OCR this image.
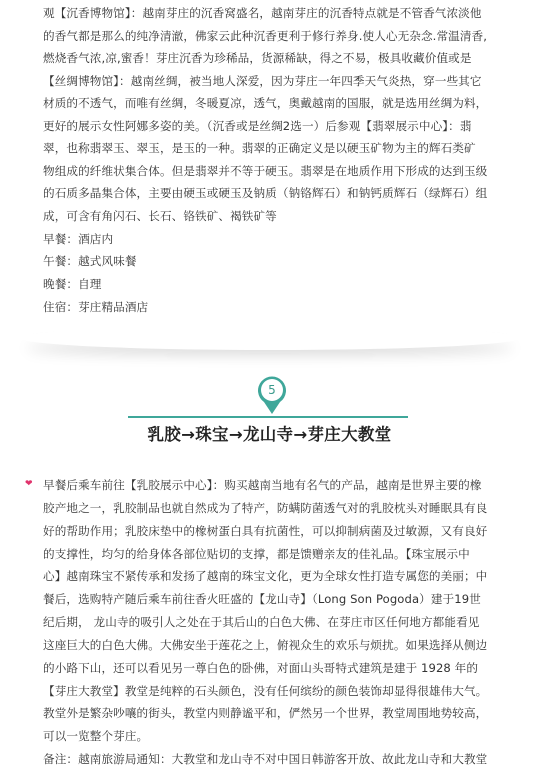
观【沉香博物馆】：越南芽庄的沉香窝盛名，越南芽庄的沉香特点就是不管香气浓淡他

的香气都是那么的纯净清澈，佛家云此种沉香更利于修行养身.使人心无杂念.常温清香,

燃烧香气浓,凉,蜜香！芽庄沉香为珍稀品，货源稀缺，得之不易，极具收藏价值或是

【丝绸博物馆】：越南丝绸，被当地人深爱，因为芽庄一年四季天气炎热，穿一些其它

材质的不透气，而唯有丝绸，冬暖夏凉，透气，奥戴越南的国服，就是选用丝绸为料，

更好的展示女性阿娜多姿的美。（沉香或是丝绸2选一）后参观【翡翠展示中心】：翡

翠，也称翡翠玉、翠玉，是玉的一种。翡翠的正确定义是以硬玉矿物为主的辉石类矿

物组成的纤维状集合体。但是翡翠并不等于硬玉。翡翠是在地质作用下形成的达到玉级

的石质多晶集合体，主要由硬玉或硬玉及钠质（钠铬辉石）和钠钙质辉石（绿辉石）组

成，可含有角闪石、长石、铬铁矿、褐铁矿等

早餐：酒店内

午餐：越式风味餐

晚餐：自理

住宿：芽庄精品酒店

5
乳胶→珠宝→龙山寺→芽庄大教堂
❤ 早餐后乘车前往【乳胶展示中心】：购买越南当地有名气的产品，越南是世界主要的橡

胶产地之一，乳胶制品也就自然成为了特产，防螨防菌透气对的乳胶枕头对睡眠具有良

好的帮助作用；乳胶床垫中的橡树蛋白具有抗菌性，可以抑制病菌及过敏源，又有良好

的支撑性，均匀的给身体各部位贴切的支撑，都是馈赠亲友的佳礼品。【珠宝展示中

心】越南珠宝不紧传承和发扬了越南的珠宝文化，更为全球女性打造专属您的美丽；中

餐后，选购特产随后乘车前往香火旺盛的【龙山寺】（Long Son Pogoda）建于19世

纪后期， 龙山寺的吸引人之处在于其后山的白色大佛、在芽庄市区任何地方都能看见

这座巨大的白色大佛。大佛安坐于莲花之上，俯视众生的欢乐与烦扰。如果选择从侧边

的小路下山，还可以看见另一尊白色的卧佛，对面山头哥特式建筑是建于 1928 年的

【芽庄大教堂】教堂是纯粹的石头颜色，没有任何缤纷的颜色装饰却显得很雄伟大气。

教堂外是繁杂吵嚷的街头，教堂内则静谧平和，俨然另一个世界，教堂周围地势较高，

可以一览整个芽庄。

备注：越南旅游局通知：大教堂和龙山寺不对中国日韩游客开放、故此龙山寺和大教堂
